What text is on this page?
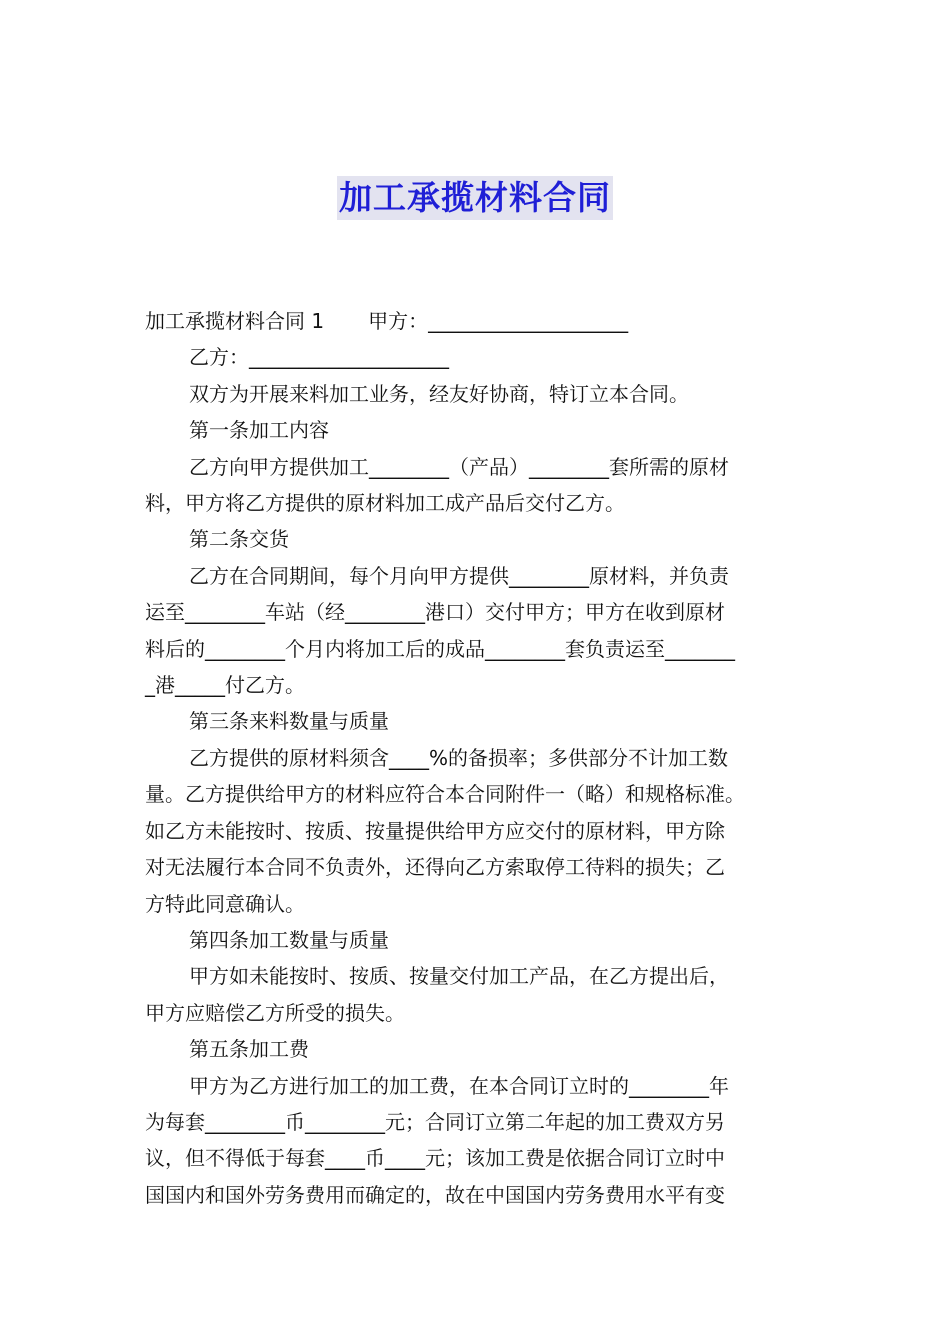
加工承揽材料合同

加工承揽材料合同 1 甲方：____________________

乙方：____________________

双方为开展来料加工业务，经友好协商，特订立本合同。

第一条加工内容

乙方向甲方提供加工________（产品）________套所需的原材

料，甲方将乙方提供的原材料加工成产品后交付乙方。

第二条交货

乙方在合同期间，每个月向甲方提供________原材料，并负责

运至________车站（经________港口）交付甲方；甲方在收到原材

料后的________个月内将加工后的成品________套负责运至_______

_港_____付乙方。

第三条来料数量与质量

乙方提供的原材料须含____%的备损率；多供部分不计加工数

量。乙方提供给甲方的材料应符合本合同附件一（略）和规格标准。

如乙方未能按时、按质、按量提供给甲方应交付的原材料，甲方除

对无法履行本合同不负责外，还得向乙方索取停工待料的损失；乙

方特此同意确认。

第四条加工数量与质量

甲方如未能按时、按质、按量交付加工产品，在乙方提出后，

甲方应赔偿乙方所受的损失。

第五条加工费

甲方为乙方进行加工的加工费，在本合同订立时的________年

为每套________币________元；合同订立第二年起的加工费双方另

议，但不得低于每套____币____元；该加工费是依据合同订立时中

国国内和国外劳务费用而确定的，故在中国国内劳务费用水平有变
